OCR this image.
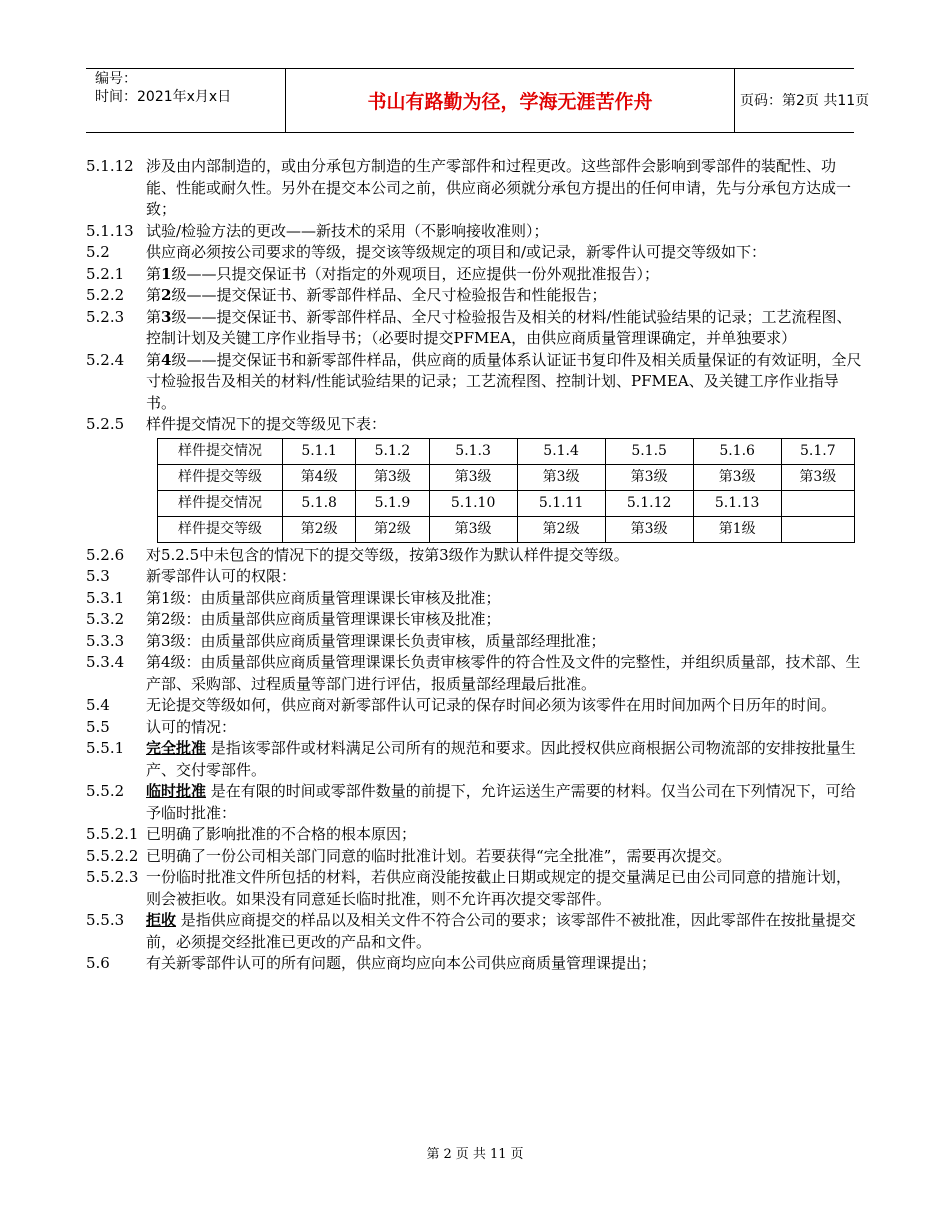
编号：
时间：2021年x月x日	书山有路勤为径，学海无涯苦作舟	页码：第2页 共11页
5.1.12 涉及由内部制造的，或由分承包方制造的生产零部件和过程更改。这些部件会影响到零部件的装配性、功能、性能或耐久性。另外在提交本公司之前，供应商必须就分承包方提出的任何申请，先与分承包方达成一致；
5.1.13 试验/检验方法的更改——新技术的采用（不影响接收准则）；
5.2	供应商必须按公司要求的等级，提交该等级规定的项目和/或记录，新零件认可提交等级如下：
5.2.1	第1级——只提交保证书（对指定的外观项目，还应提供一份外观批准报告）；
5.2.2	第2级——提交保证书、新零部件样品、全尺寸检验报告和性能报告；
5.2.3	第3级——提交保证书、新零部件样品、全尺寸检验报告及相关的材料/性能试验结果的记录；工艺流程图、控制计划及关键工序作业指导书；（必要时提交PFMEA，由供应商质量管理课确定，并单独要求）
5.2.4	第4级——提交保证书和新零部件样品，供应商的质量体系认证证书复印件及相关质量保证的有效证明，全尺寸检验报告及相关的材料/性能试验结果的记录；工艺流程图、控制计划、PFMEA、及关键工序作业指导书。
5.2.5	样件提交情况下的提交等级见下表：
样件提交情况	5.1.1	5.1.2	5.1.3	5.1.4	5.1.5	5.1.6	5.1.7
样件提交等级	第4级	第3级	第3级	第3级	第3级	第3级	第3级
样件提交情况	5.1.8	5.1.9	5.1.10	5.1.11	5.1.12	5.1.13	
样件提交等级	第2级	第2级	第3级	第2级	第3级	第1级	
5.2.6	对5.2.5中未包含的情况下的提交等级，按第3级作为默认样件提交等级。
5.3	新零部件认可的权限：
5.3.1	第1级：由质量部供应商质量管理课课长审核及批准；
5.3.2	第2级：由质量部供应商质量管理课课长审核及批准；
5.3.3	第3级：由质量部供应商质量管理课课长负责审核，质量部经理批准；
5.3.4	第4级：由质量部供应商质量管理课课长负责审核零件的符合性及文件的完整性，并组织质量部，技术部、生产部、采购部、过程质量等部门进行评估，报质量部经理最后批准。
5.4	无论提交等级如何，供应商对新零部件认可记录的保存时间必须为该零件在用时间加两个日历年的时间。
5.5	认可的情况：
5.5.1	完全批准 是指该零部件或材料满足公司所有的规范和要求。因此授权供应商根据公司物流部的安排按批量生产、交付零部件。
5.5.2	临时批准 是在有限的时间或零部件数量的前提下，允许运送生产需要的材料。仅当公司在下列情况下，可给予临时批准：
5.5.2.1 已明确了影响批准的不合格的根本原因；
5.5.2.2 已明确了一份公司相关部门同意的临时批准计划。若要获得“完全批准”，需要再次提交。
5.5.2.3 一份临时批准文件所包括的材料，若供应商没能按截止日期或规定的提交量满足已由公司同意的措施计划，则会被拒收。如果没有同意延长临时批准，则不允许再次提交零部件。
5.5.3	拒收 是指供应商提交的样品以及相关文件不符合公司的要求；该零部件不被批准，因此零部件在按批量提交前，必须提交经批准已更改的产品和文件。
5.6	有关新零部件认可的所有问题，供应商均应向本公司供应商质量管理课提出；
第 2 页 共 11 页
